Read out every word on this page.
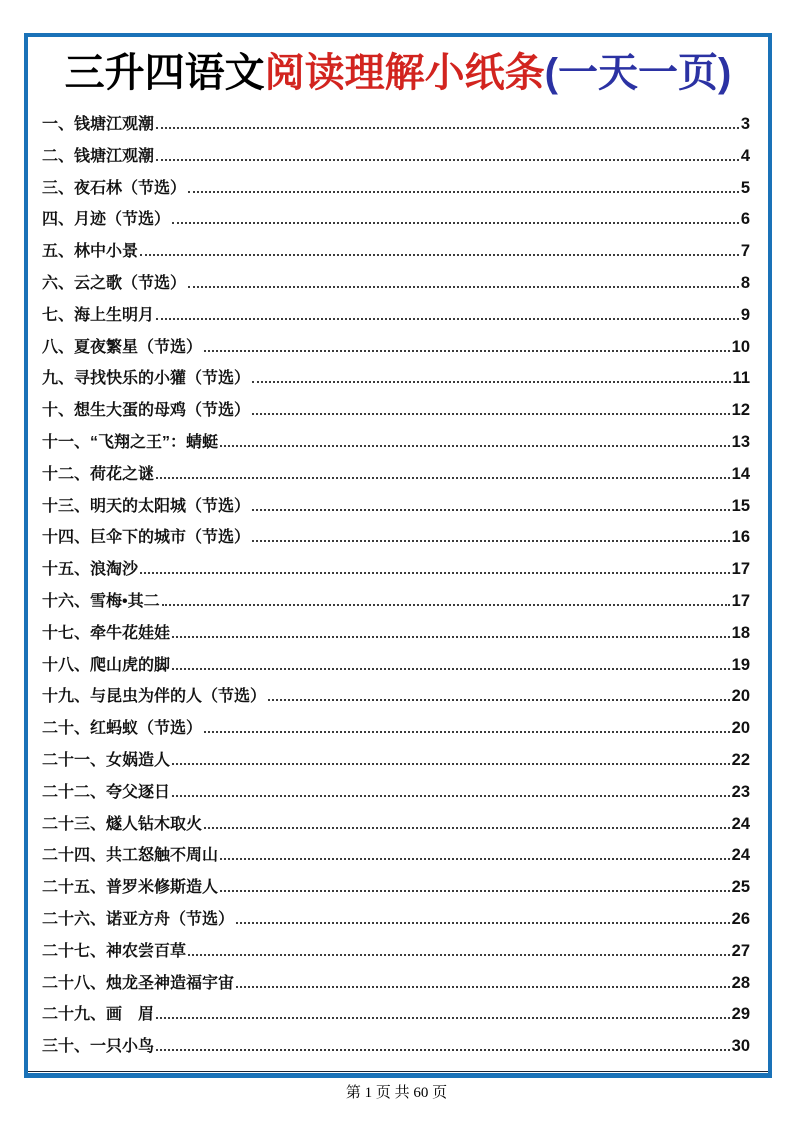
三升四语文阅读理解小纸条(一天一页)
一、钱塘江观潮	3
二、钱塘江观潮	4
三、夜石林（节选）	5
四、月迹（节选）	6
五、林中小景	7
六、云之歌（节选）	8
七、海上生明月	9
八、夏夜繁星（节选）	10
九、寻找快乐的小獾（节选）	11
十、想生大蛋的母鸡（节选）	12
十一、“飞翔之王”：蜻蜓	13
十二、荷花之谜	14
十三、明天的太阳城（节选）	15
十四、巨伞下的城市（节选）	16
十五、浪淘沙	17
十六、雪梅•其二	17
十七、牵牛花娃娃	18
十八、爬山虎的脚	19
十九、与昆虫为伴的人（节选）	20
二十、红蚂蚁（节选）	20
二十一、女娲造人	22
二十二、夸父逐日	23
二十三、燧人钻木取火	24
二十四、共工怒触不周山	24
二十五、普罗米修斯造人	25
二十六、诺亚方舟（节选）	26
二十七、神农尝百草	27
二十八、烛龙圣神造福宇宙	28
二十九、画　眉	29
三十、一只小鸟	30
第 1 页 共 60 页
